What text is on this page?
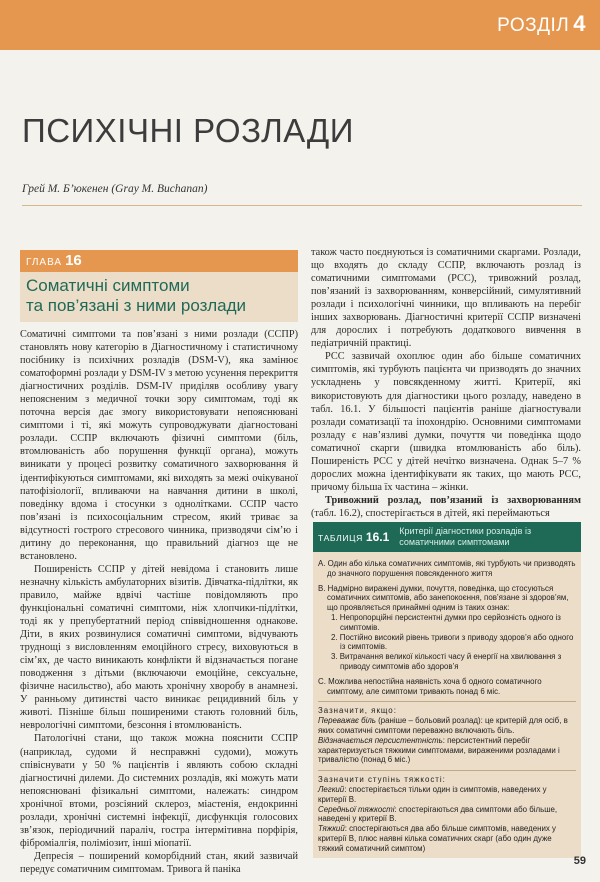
РОЗДІЛ 4
ПСИХІЧНІ РОЗЛАДИ
Грей М. Б’юкенен (Gray M. Buchanan)
ГЛАВА 16
Соматичні симптоми
та пов’язані з ними розлади

Соматичні симптоми та пов’язані з ними розлади (ССПР) становлять нову категорію в Діагностичному і статистичному посібнику із психічних розладів (DSM-V), яка замінює соматоформні розлади у DSM-IV з метою усунення перекриття діагностичних розділів. DSM-IV приділяв особливу увагу непоясненим з медичної точки зору симптомам, тоді як поточна версія дає змогу використовувати непояснювані симптоми і ті, які можуть супроводжувати діагностовані розлади. ССПР включають фізичні симптоми (біль, втомлюваність або порушення функції органа), можуть виникати у процесі розвитку соматичного захворювання й ідентифікуються симптомами, які виходять за межі очікуваної патофізіології, впливаючи на навчання дитини в школі, поведінку вдома і стосунки з однолітками. ССПР часто пов’язані із психосоціальним стресом, який триває за відсутності гострого стресового чинника, призводячи сім’ю і дитину до переконання, що правильний діагноз ще не встановлено.

Поширеність ССПР у дітей невідома і становить лише незначну кількість амбулаторних візитів. Дівчатка-підлітки, як правило, майже вдвічі частіше повідомляють про функціональні соматичні симптоми, ніж хлопчики-підлітки, тоді як у препубертатний період співвідношення однакове. Діти, в яких розвинулися соматичні симптоми, відчувають труднощі з висловленням емоційного стресу, виховуються в сім’ях, де часто виникають конфлікти й відзначається погане поводження з дітьми (включаючи емоційне, сексуальне, фізичне насильство), або мають хронічну хворобу в анамнезі. У ранньому дитинстві часто виникає рецидивний біль у животі. Пізніше більш поширеними стають головний біль, неврологічні симптоми, безсоння і втомлюваність.

Патологічні стани, що також можна пояснити ССПР (наприклад, судоми й несправжні судоми), можуть співіснувати у 50 % пацієнтів і являють собою складні діагностичні дилеми. До системних розладів, які можуть мати непояснювані фізикальні симптоми, належать: синдром хронічної втоми, розсіяний склероз, міастенія, ендокринні розлади, хронічні системні інфекції, дисфункція голосових зв’язок, періодичний параліч, гостра інтермітивна порфірія, фіброміалгія, поліміозит, інші міопатії.

Депресія – поширений коморбідний стан, який зазвичай передує соматичним симптомам. Тривога й паніка

також часто поєднуються із соматичними скаргами. Розлади, що входять до складу ССПР, включають розлад із соматичними симптомами (РСС), тривожний розлад, пов’язаний із захворюванням, конверсійний, симулятивний розлади і психологічні чинники, що впливають на перебіг інших захворювань. Діагностичні критерії ССПР визначені для дорослих і потребують додаткового вивчення в педіатричній практиці.

РСС зазвичай охоплює один або більше соматичних симптомів, які турбують пацієнта чи призводять до значних ускладнень у повсякденному житті. Критерії, які використовують для діагностики цього розладу, наведено в табл. 16.1. У більшості пацієнтів раніше діагностували розлади соматизації та іпохондрію. Основними симптомами розладу є нав’язливі думки, почуття чи поведінка щодо соматичної скарги (швидка втомлюваність або біль). Поширеність РСС у дітей нечітко визначена. Однак 5–7 % дорослих можна ідентифікувати як таких, що мають РСС, причому більша їх частина – жінки.

Тривожний розлад, пов’язаний із захворюванням (табл. 16.2), спостерігається в дітей, які переймаються

ТАБЛИЦЯ 16.1 Критерії діагностики розладів із соматичними симптомами
A. Один або кілька соматичних симптомів, які турбують чи призводять до значного порушення повсякденного життя
B. Надмірно виражені думки, почуття, поведінка, що стосуються соматичних симптомів, або занепокоєння, пов’язане зі здоров’ям, що проявляється принаймні одним із таких ознак:
1. Непропорційні персистентні думки про серйозність одного із симптомів.
2. Постійно високий рівень тривоги з приводу здоров’я або одного із симптомів.
3. Витрачання великої кількості часу й енергії на хвилювання з приводу симптомів або здоров’я
C. Можлива непостійна наявність хоча б одного соматичного симптому, але симптоми тривають понад 6 міс.
Зазначити, якщо:
Переважає біль (раніше – больовий розлад): це критерій для осіб, в яких соматичні симптоми переважно включають біль.
Відзначається персистентність: персистентний перебіг характеризується тяжкими симптомами, вираженими розладами і тривалістю (понад 6 міс.)
Зазначити ступінь тяжкості:
Легкий: спостерігається тільки один із симптомів, наведених у критерії B.
Середньої тяжкості: спостерігаються два симптоми або більше, наведені у критерії B.
Тяжкий: спостерігаються два або більше симптомів, наведених у критерії B, плюс наявні кілька соматичних скарг (або один дуже тяжкий соматичний симптом)
59
